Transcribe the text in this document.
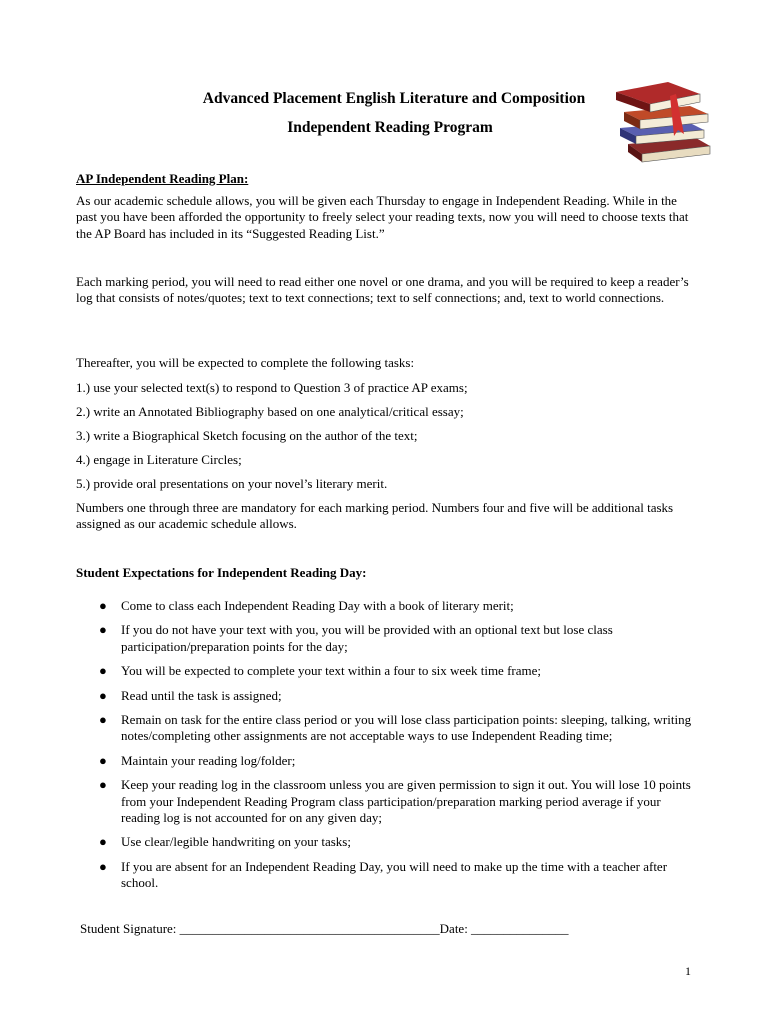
Advanced Placement English Literature and Composition
Independent Reading Program
AP Independent Reading Plan:
As our academic schedule allows, you will be given each Thursday to engage in Independent Reading. While in the past you have been afforded the opportunity to freely select your reading texts, now you will need to choose texts that the AP Board has included in its “Suggested Reading List.”
Each marking period, you will need to read either one novel or one drama, and you will be required to keep a reader’s log that consists of notes/quotes; text to text connections; text to self connections; and, text to world connections.
Thereafter, you will be expected to complete the following tasks:
1.) use your selected text(s) to respond to Question 3 of practice AP exams;
2.) write an Annotated Bibliography based on one analytical/critical essay;
3.) write a Biographical Sketch focusing on the author of the text;
4.) engage in Literature Circles;
5.) provide oral presentations on your novel’s literary merit.
Numbers one through three are mandatory for each marking period. Numbers four and five will be additional tasks assigned as our academic schedule allows.
Student Expectations for Independent Reading Day:
● Come to class each Independent Reading Day with a book of literary merit;
● If you do not have your text with you, you will be provided with an optional text but lose class participation/preparation points for the day;
● You will be expected to complete your text within a four to six week time frame;
● Read until the task is assigned;
● Remain on task for the entire class period or you will lose class participation points: sleeping, talking, writing notes/completing other assignments are not acceptable ways to use Independent Reading time;
● Maintain your reading log/folder;
● Keep your reading log in the classroom unless you are given permission to sign it out. You will lose 10 points from your Independent Reading Program class participation/preparation marking period average if your reading log is not accounted for on any given day;
● Use clear/legible handwriting on your tasks;
● If you are absent for an Independent Reading Day, you will need to make up the time with a teacher after school.
Student Signature: ________________________________________Date: _______________
1
